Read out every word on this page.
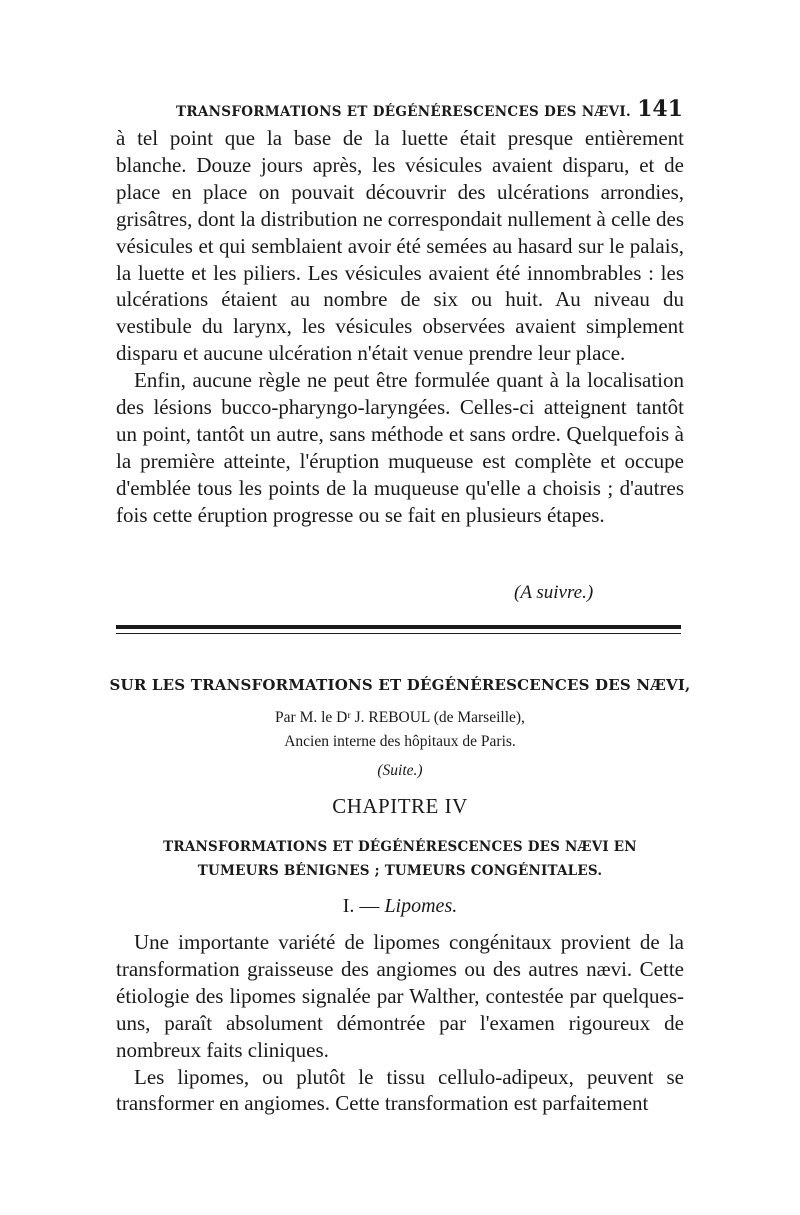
TRANSFORMATIONS ET DÉGÉNÉRESCENCES DES NÆVI. 141

à tel point que la base de la luette était presque entièrement blanche. Douze jours après, les vésicules avaient disparu, et de place en place on pouvait découvrir des ulcérations arrondies, grisâtres, dont la distribution ne correspondait nullement à celle des vésicules et qui semblaient avoir été semées au hasard sur le palais, la luette et les piliers. Les vésicules avaient été innombrables : les ulcérations étaient au nombre de six ou huit. Au niveau du vestibule du larynx, les vésicules observées avaient simplement disparu et aucune ulcération n'était venue prendre leur place.

Enfin, aucune règle ne peut être formulée quant à la localisation des lésions bucco-pharyngo-laryngées. Celles-ci atteignent tantôt un point, tantôt un autre, sans méthode et sans ordre. Quelquefois à la première atteinte, l'éruption muqueuse est complète et occupe d'emblée tous les points de la muqueuse qu'elle a choisis ; d'autres fois cette éruption progresse ou se fait en plusieurs étapes.

(A suivre.)
SUR LES TRANSFORMATIONS ET DÉGÉNÉRESCENCES DES NÆVI,
Par M. le Dʳ J. REBOUL (de Marseille),
Ancien interne des hôpitaux de Paris.
(Suite.)
CHAPITRE IV
TRANSFORMATIONS ET DÉGÉNÉRESCENCES DES NÆVI EN TUMEURS BÉNIGNES ; TUMEURS CONGÉNITALES.
I. — Lipomes.

Une importante variété de lipomes congénitaux provient de la transformation graisseuse des angiomes ou des autres nævi. Cette étiologie des lipomes signalée par Walther, contestée par quelques-uns, paraît absolument démontrée par l'examen rigoureux de nombreux faits cliniques.

Les lipomes, ou plutôt le tissu cellulo-adipeux, peuvent se transformer en angiomes. Cette transformation est parfaitement
